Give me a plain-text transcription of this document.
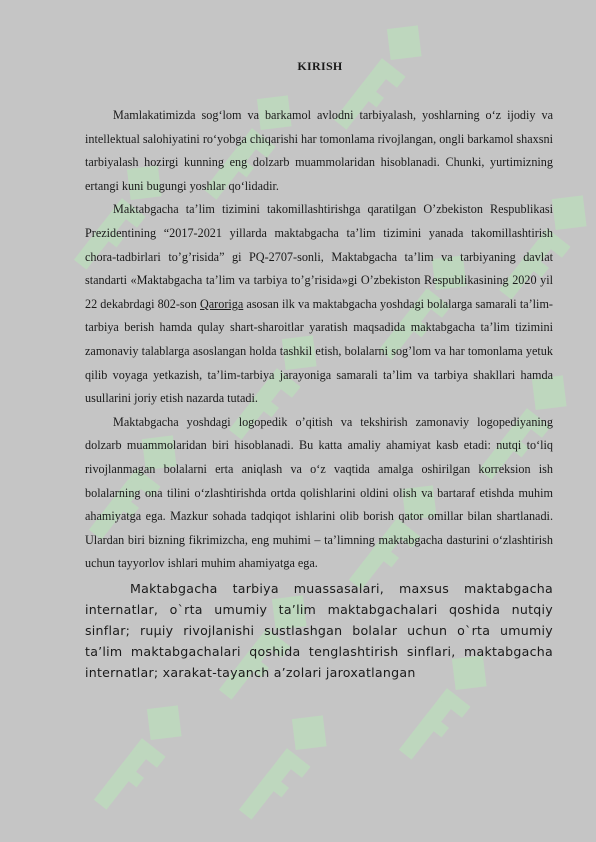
KIRISH

Mamlakatimizda sog‘lom va barkamol avlodni tarbiyalash, yoshlarning o‘z ijodiy va intellektual salohiyatini ro‘yobga chiqarishi har tomonlama rivojlangan, ongli barkamol shaxsni tarbiyalash hozirgi kunning eng dolzarb muammolaridan hisoblanadi. Chunki, yurtimizning ertangi kuni bugungi yoshlar qo‘lidadir.

Maktabgacha ta’lim tizimini takomillashtirishga qaratilgan O’zbekiston Respublikasi Prezidentining “2017-2021 yillarda maktabgacha ta’lim tizimini yanada takomillashtirish chora-tadbirlari to’g’risida” gi PQ-2707-sonli, Maktabgacha ta’lim va tarbiyaning davlat standarti «Maktabgacha ta’lim va tarbiya to’g’risida»gi O’zbekiston Respublikasining 2020 yil 22 dekabrdagi 802-son Qaroriga asosan ilk va maktabgacha yoshdagi bolalarga samarali ta’lim-tarbiya berish hamda qulay shart-sharoitlar yaratish maqsadida maktabgacha ta’lim tizimini zamonaviy talablarga asoslangan holda tashkil etish, bolalarni sog’lom va har tomonlama yetuk qilib voyaga yetkazish, ta’lim-tarbiya jarayoniga samarali ta’lim va tarbiya shakllari hamda usullarini joriy etish nazarda tutadi.

Maktabgacha yoshdagi logopedik o’qitish va tekshirish zamonaviy logopediyaning dolzarb muammolaridan biri hisoblanadi. Bu katta amaliy ahamiyat kasb etadi: nutqi to‘liq rivojlanmagan bolalarni erta aniqlash va o‘z vaqtida amalga oshirilgan korreksion ish bolalarning ona tilini o‘zlashtirishda ortda qolishlarini oldini olish va bartaraf etishda muhim ahamiyatga ega. Mazkur sohada tadqiqot ishlarini olib borish qator omillar bilan shartlanadi. Ulardan biri bizning fikrimizcha, eng muhimi – ta’limning maktabgacha dasturini o‘zlashtirish uchun tayyorlov ishlari muhim ahamiyatga ega.

Maktabgacha tarbiya muassasalari, maxsus maktabgacha internatlar, o`rta umumiy ta’lim maktabgachalari qoshida nutqiy sinflar; ruµiy rivojlanishi sustlashgan bolalar uchun o`rta umumiy ta’lim maktabgachalari qoshida tenglashtirish sinflari, maktabgacha internatlar; xarakat-tayanch a’zolari jaroxatlangan
